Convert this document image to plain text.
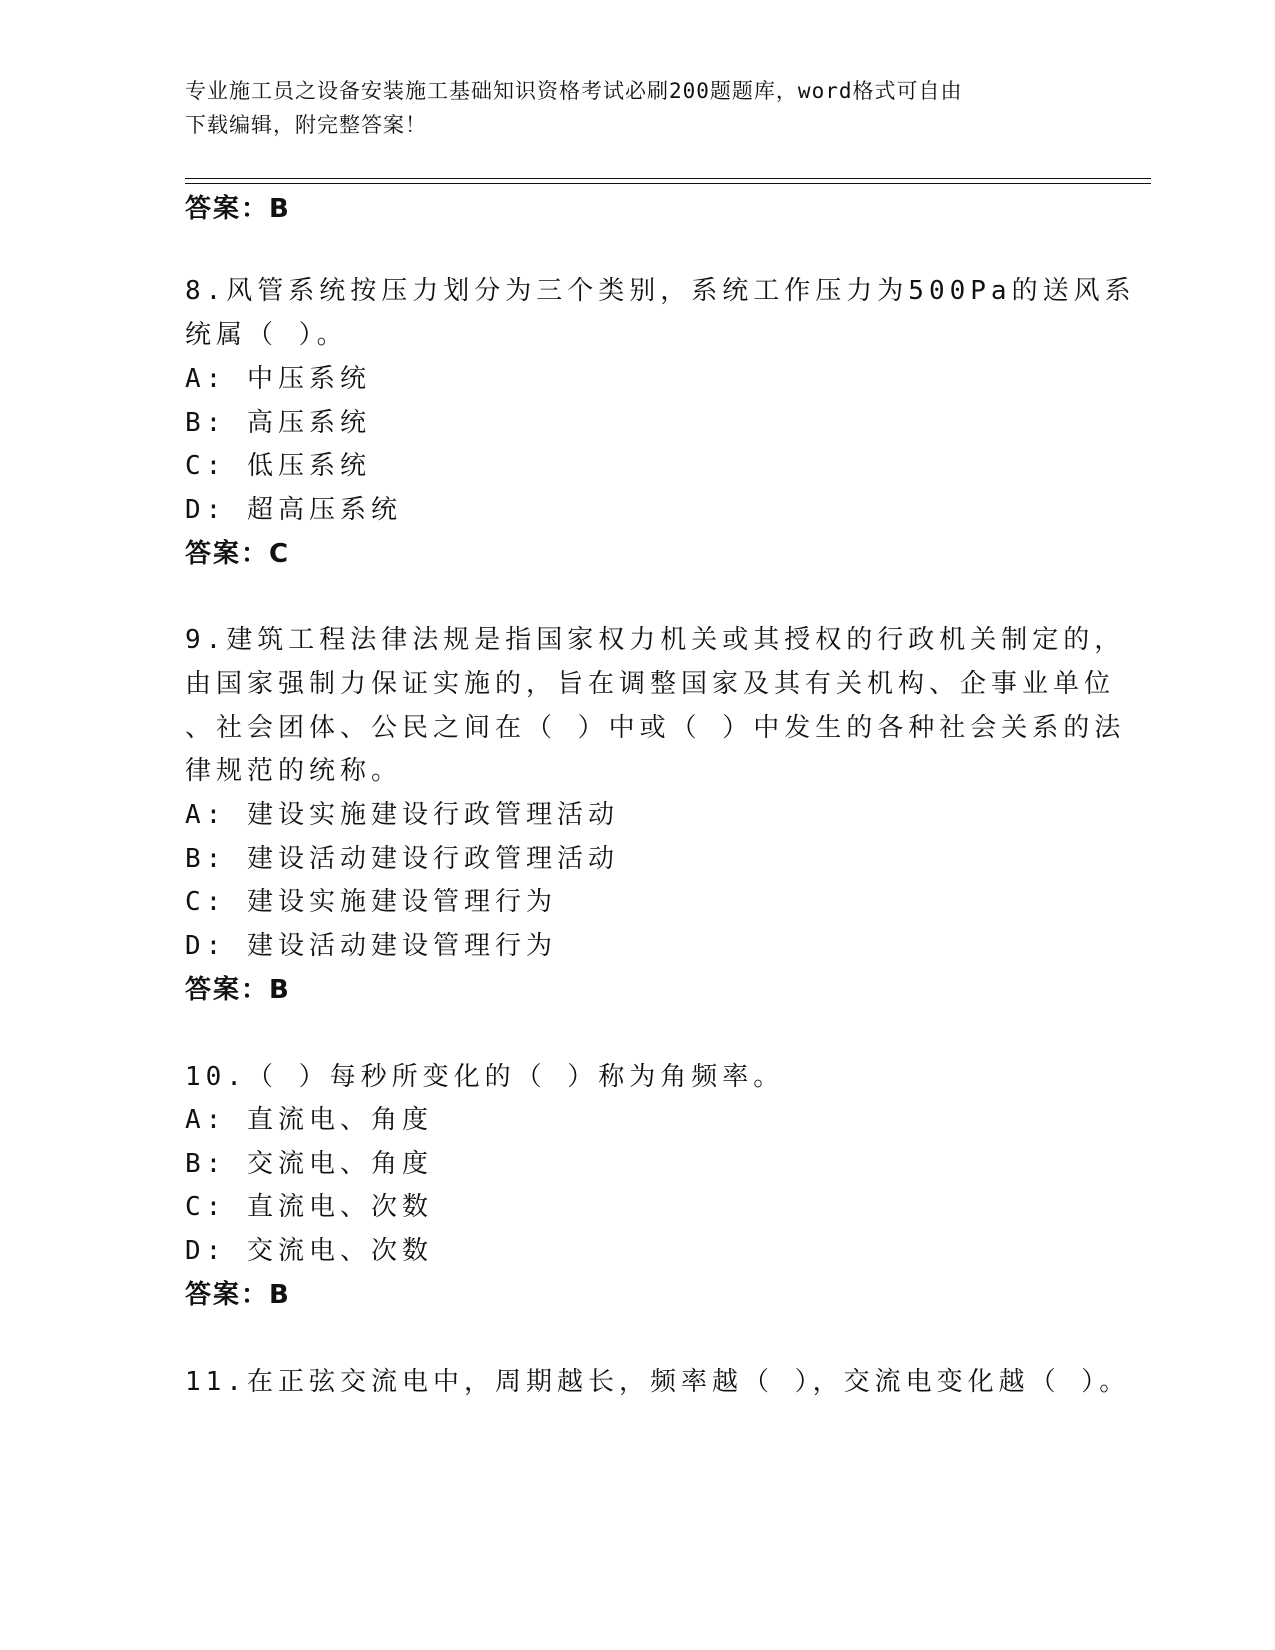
专业施工员之设备安装施工基础知识资格考试必刷200题题库，word格式可自由
下载编辑，附完整答案！
答案：B
8.风管系统按压力划分为三个类别，系统工作压力为500Pa的送风系
统属（ ）。
A: 中压系统
B: 高压系统
C: 低压系统
D: 超高压系统
答案：C
9.建筑工程法律法规是指国家权力机关或其授权的行政机关制定的，
由国家强制力保证实施的，旨在调整国家及其有关机构、企事业单位
、社会团体、公民之间在（ ）中或（ ）中发生的各种社会关系的法
律规范的统称。
A: 建设实施建设行政管理活动
B: 建设活动建设行政管理活动
C: 建设实施建设管理行为
D: 建设活动建设管理行为
答案：B
10.（ ）每秒所变化的（ ）称为角频率。
A: 直流电、角度
B: 交流电、角度
C: 直流电、次数
D: 交流电、次数
答案：B
11.在正弦交流电中，周期越长，频率越（ ），交流电变化越（ ）。
